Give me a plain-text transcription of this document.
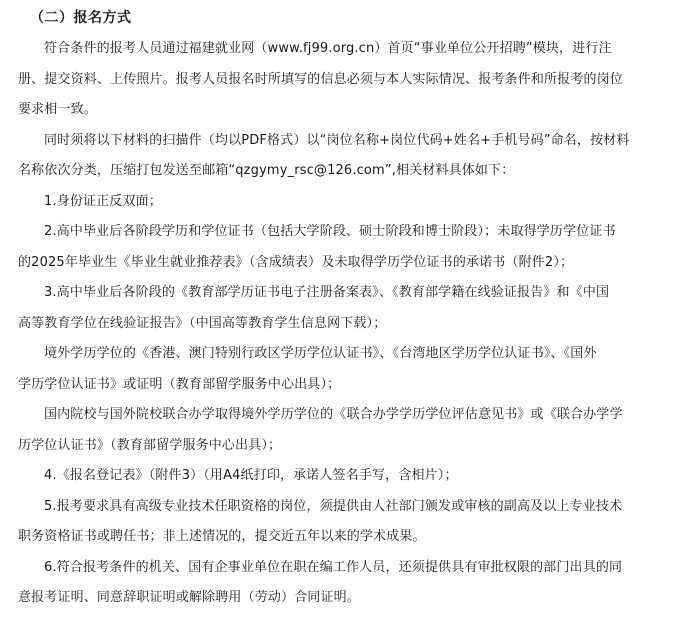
（二）报名方式
符合条件的报考人员通过福建就业网（www.fj99.org.cn）首页“事业单位公开招聘”模块，进行注
册、提交资料、上传照片。报考人员报名时所填写的信息必须与本人实际情况、报考条件和所报考的岗位
要求相一致。
同时须将以下材料的扫描件（均以PDF格式）以“岗位名称+岗位代码+姓名+手机号码”命名，按材料
名称依次分类，压缩打包发送至邮箱“qzgymy_rsc@126.com”,相关材料具体如下：
1.身份证正反双面；
2.高中毕业后各阶段学历和学位证书（包括大学阶段、硕士阶段和博士阶段）；未取得学历学位证书
的2025年毕业生《毕业生就业推荐表》（含成绩表）及未取得学历学位证书的承诺书（附件2）；
3.高中毕业后各阶段的《教育部学历证书电子注册备案表》、《教育部学籍在线验证报告》和《中国
高等教育学位在线验证报告》（中国高等教育学生信息网下载）；
境外学历学位的《香港、澳门特别行政区学历学位认证书》、《台湾地区学历学位认证书》、《国外
学历学位认证书》或证明（教育部留学服务中心出具）；
国内院校与国外院校联合办学取得境外学历学位的《联合办学学历学位评估意见书》或《联合办学学
历学位认证书》（教育部留学服务中心出具）；
4.《报名登记表》（附件3）（用A4纸打印，承诺人签名手写，含相片）；
5.报考要求具有高级专业技术任职资格的岗位，须提供由人社部门颁发或审核的副高及以上专业技术
职务资格证书或聘任书；非上述情况的，提交近五年以来的学术成果。
6.符合报考条件的机关、国有企事业单位在职在编工作人员，还须提供具有审批权限的部门出具的同
意报考证明、同意辞职证明或解除聘用（劳动）合同证明。
